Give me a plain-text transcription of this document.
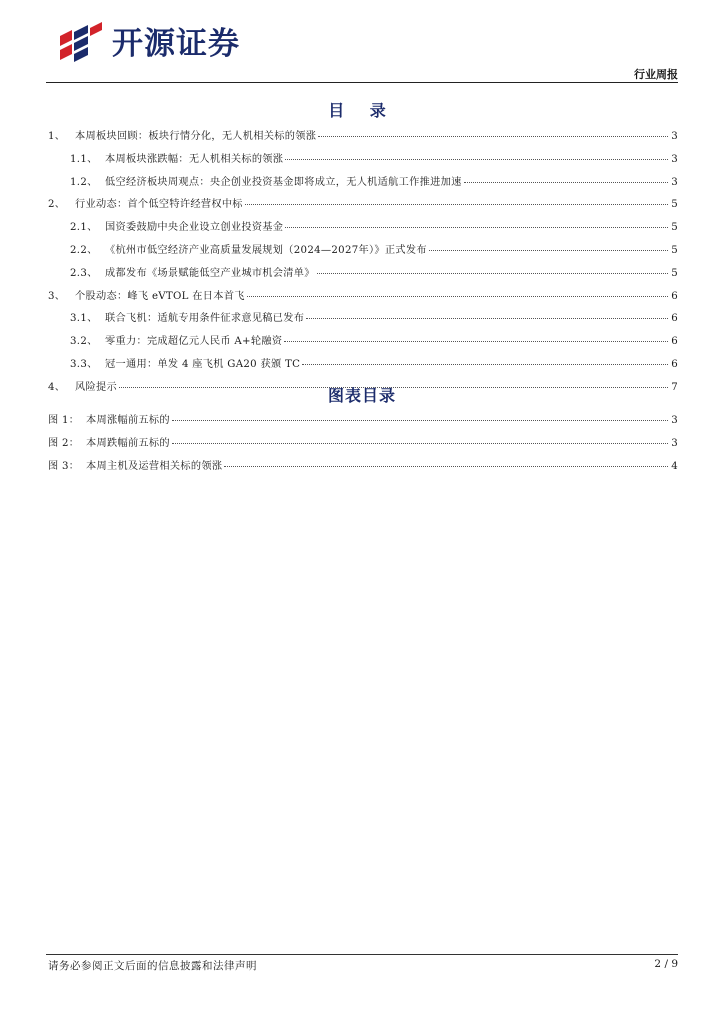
开源证券
行业周报
目 录
1、 本周板块回顾：板块行情分化，无人机相关标的领涨	3
1.1、 本周板块涨跌幅：无人机相关标的领涨	3
1.2、 低空经济板块周观点：央企创业投资基金即将成立，无人机适航工作推进加速	3
2、 行业动态：首个低空特许经营权中标	5
2.1、 国资委鼓励中央企业设立创业投资基金	5
2.2、 《杭州市低空经济产业高质量发展规划（2024—2027年）》正式发布	5
2.3、 成都发布《场景赋能低空产业城市机会清单》	5
3、 个股动态：峰飞 eVTOL 在日本首飞	6
3.1、 联合飞机：适航专用条件征求意见稿已发布	6
3.2、 零重力：完成超亿元人民币 A+轮融资	6
3.3、 冠一通用：单发 4 座飞机 GA20 获颁 TC	6
4、 风险提示	7
图表目录
图 1： 本周涨幅前五标的	3
图 2： 本周跌幅前五标的	3
图 3： 本周主机及运营相关标的领涨	4
请务必参阅正文后面的信息披露和法律声明	2 / 9
